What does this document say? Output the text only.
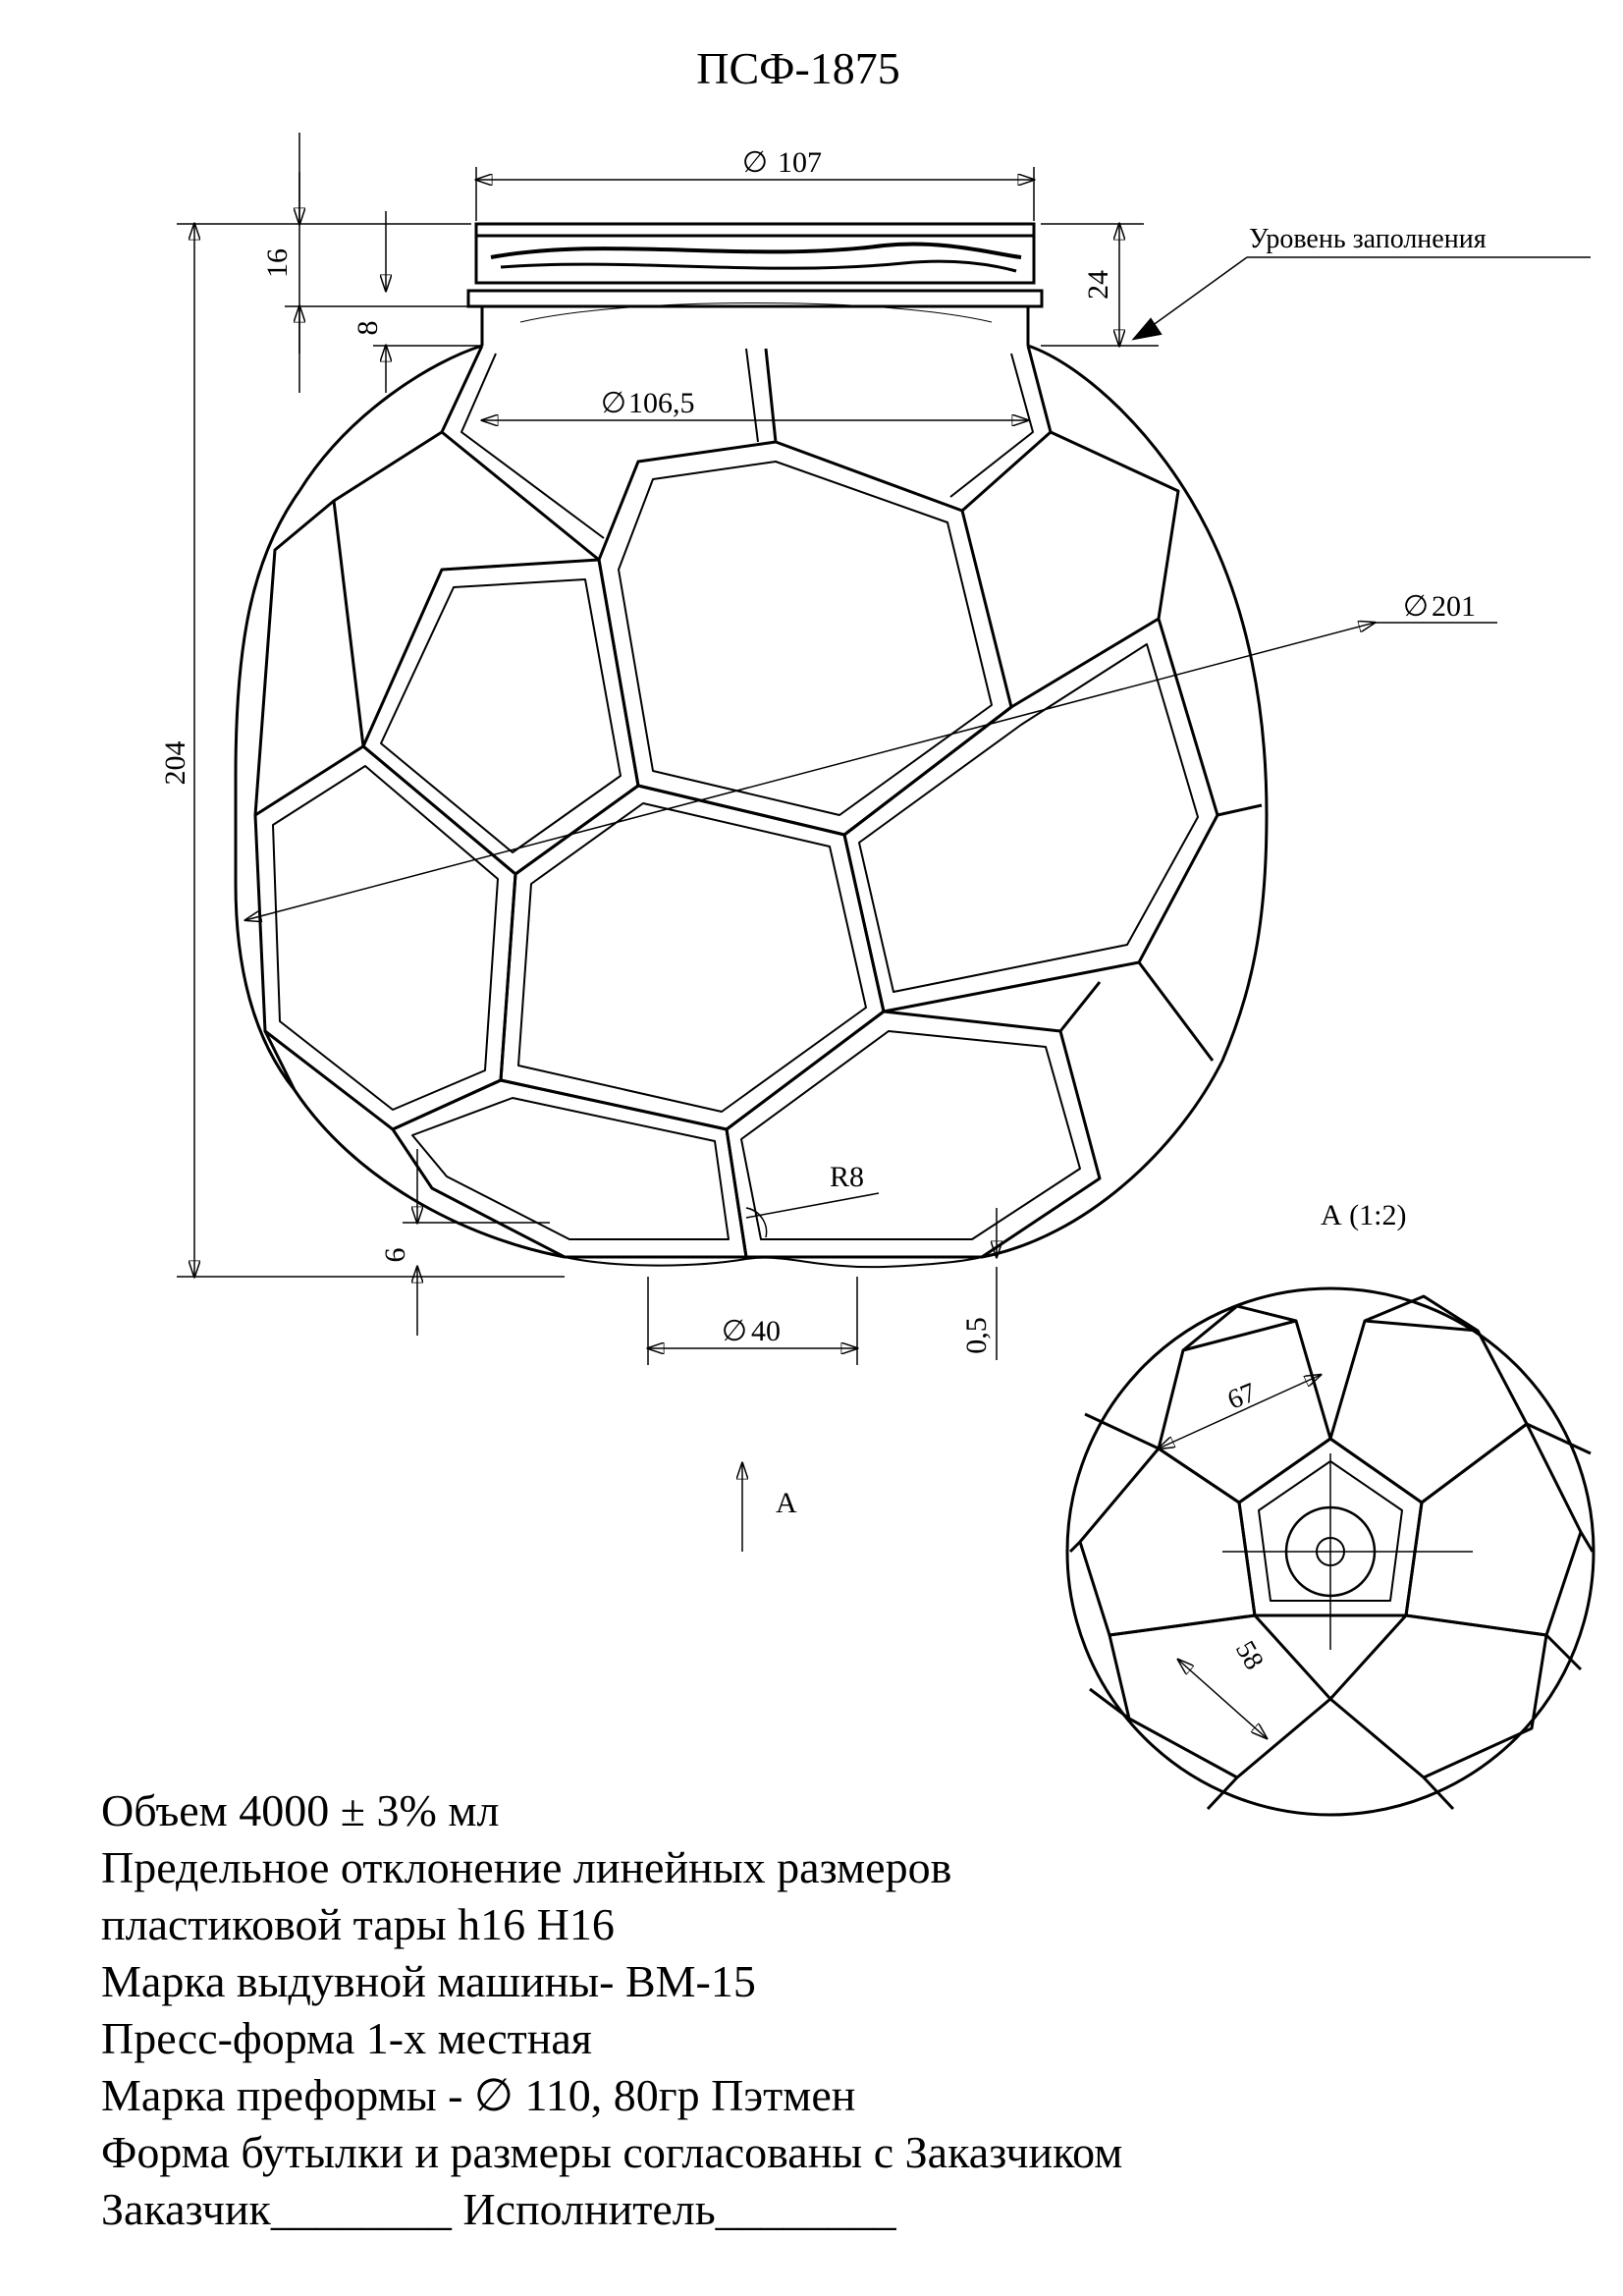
ПСФ-1875
∅ 107
∅ 106,5
∅ 201
∅ 40
204
16
8
24
6
0,5
R8
Уровень заполнения
А (1:2)
А
67
58
Объем 4000 ± 3% мл
Предельное отклонение линейных размеров
пластиковой тары h16 H16
Марка выдувной машины- ВМ-15
Пресс-форма 1-х местная
Марка преформы - ∅ 110, 80гр Пэтмен
Форма бутылки и размеры согласованы с Заказчиком
Заказчик________ Исполнитель________
